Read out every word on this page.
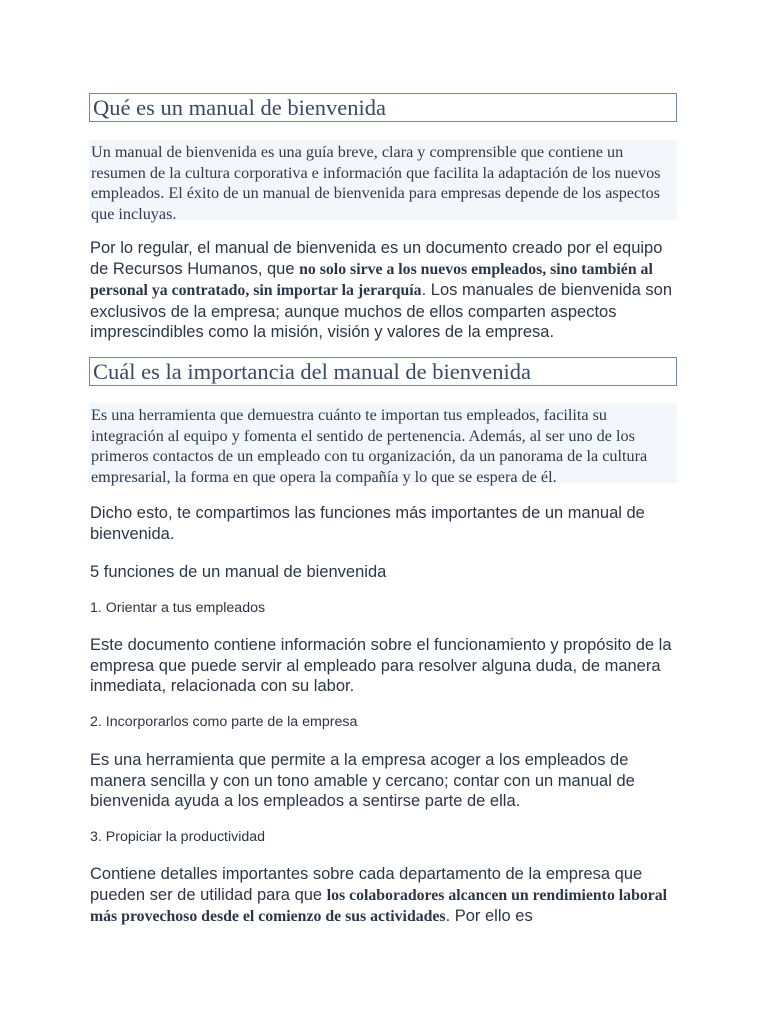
Qué es un manual de bienvenida
Un manual de bienvenida es una guía breve, clara y comprensible que contiene un resumen de la cultura corporativa e información que facilita la adaptación de los nuevos empleados. El éxito de un manual de bienvenida para empresas depende de los aspectos que incluyas.
Por lo regular, el manual de bienvenida es un documento creado por el equipo de Recursos Humanos, que no solo sirve a los nuevos empleados, sino también al personal ya contratado, sin importar la jerarquía. Los manuales de bienvenida son exclusivos de la empresa; aunque muchos de ellos comparten aspectos imprescindibles como la misión, visión y valores de la empresa.
Cuál es la importancia del manual de bienvenida
Es una herramienta que demuestra cuánto te importan tus empleados, facilita su integración al equipo y fomenta el sentido de pertenencia. Además, al ser uno de los primeros contactos de un empleado con tu organización, da un panorama de la cultura empresarial, la forma en que opera la compañía y lo que se espera de él.
Dicho esto, te compartimos las funciones más importantes de un manual de bienvenida.
5 funciones de un manual de bienvenida
1. Orientar a tus empleados
Este documento contiene información sobre el funcionamiento y propósito de la empresa que puede servir al empleado para resolver alguna duda, de manera inmediata, relacionada con su labor.
2. Incorporarlos como parte de la empresa
Es una herramienta que permite a la empresa acoger a los empleados de manera sencilla y con un tono amable y cercano; contar con un manual de bienvenida ayuda a los empleados a sentirse parte de ella.
3. Propiciar la productividad
Contiene detalles importantes sobre cada departamento de la empresa que pueden ser de utilidad para que los colaboradores alcancen un rendimiento laboral más provechoso desde el comienzo de sus actividades. Por ello es
